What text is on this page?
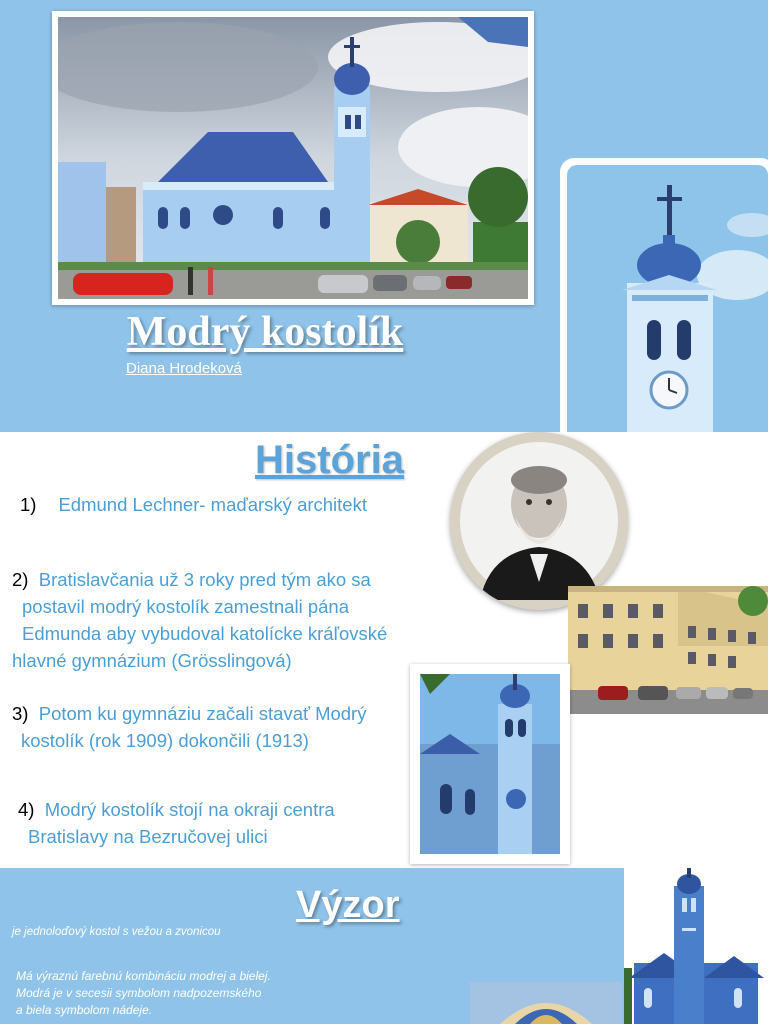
Modrý kostolík
Diana Hrodeková
História
1) Edmund Lechner- maďarský architekt
2) Bratislavčania už 3 roky pred tým ako sa
postavil modrý kostolík zamestnali pána
Edmunda aby vybudoval katolícke kráľovské
hlavné gymnázium (Grösslingová)
3) Potom ku gymnáziu začali stavať Modrý
kostolík (rok 1909) dokončili (1913)
4) Modrý kostolík stojí na okraji centra
Bratislavy na Bezručovej ulici
Výzor
je jednoloďový kostol s vežou a zvonicou
Má výraznú farebnú kombináciu modrej a bielej.
Modrá je v secesii symbolom nadpozemského
a biela symbolom nádeje.
